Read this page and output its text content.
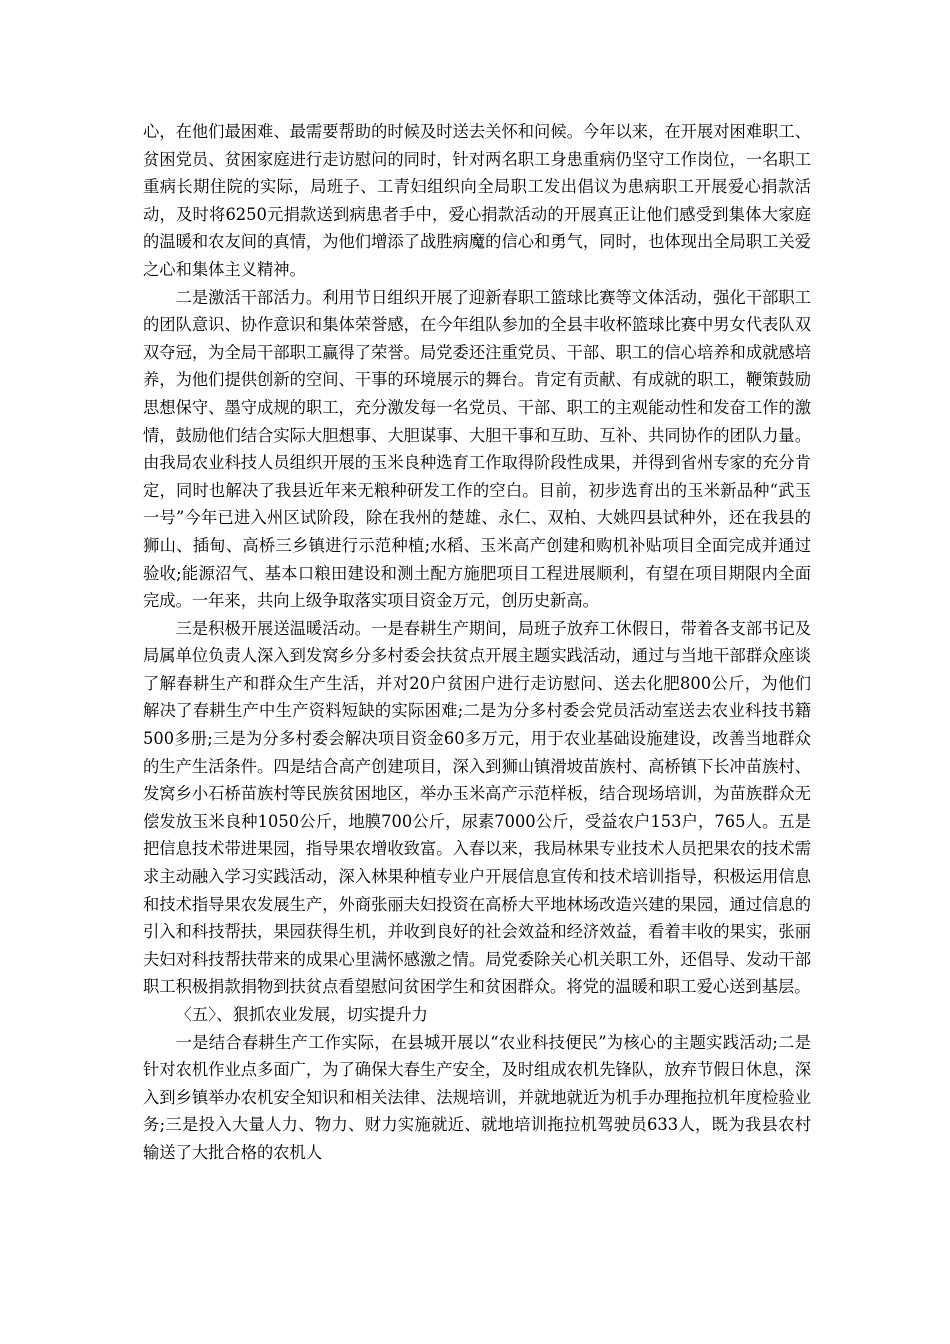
心，在他们最困难、最需要帮助的时候及时送去关怀和问候。今年以来，在开展对困难职工、贫困党员、贫困家庭进行走访慰问的同时，针对两名职工身患重病仍坚守工作岗位，一名职工重病长期住院的实际，局班子、工青妇组织向全局职工发出倡议为患病职工开展爱心捐款活动，及时将6250元捐款送到病患者手中，爱心捐款活动的开展真正让他们感受到集体大家庭的温暖和农友间的真情，为他们增添了战胜病魔的信心和勇气，同时，也体现出全局职工关爱之心和集体主义精神。

二是激活干部活力。利用节日组织开展了迎新春职工篮球比赛等文体活动，强化干部职工的团队意识、协作意识和集体荣誉感，在今年组队参加的全县丰收杯篮球比赛中男女代表队双双夺冠，为全局干部职工赢得了荣誉。局党委还注重党员、干部、职工的信心培养和成就感培养，为他们提供创新的空间、干事的环境展示的舞台。肯定有贡献、有成就的职工，鞭策鼓励思想保守、墨守成规的职工，充分激发每一名党员、干部、职工的主观能动性和发奋工作的激情，鼓励他们结合实际大胆想事、大胆谋事、大胆干事和互助、互补、共同协作的团队力量。由我局农业科技人员组织开展的玉米良种选育工作取得阶段性成果，并得到省州专家的充分肯定，同时也解决了我县近年来无粮种研发工作的空白。目前，初步选育出的玉米新品种“武玉一号”今年已进入州区试阶段，除在我州的楚雄、永仁、双柏、大姚四县试种外，还在我县的狮山、插甸、高桥三乡镇进行示范种植;水稻、玉米高产创建和购机补贴项目全面完成并通过验收;能源沼气、基本口粮田建设和测土配方施肥项目工程进展顺利，有望在项目期限内全面完成。一年来，共向上级争取落实项目资金万元，创历史新高。

三是积极开展送温暖活动。一是春耕生产期间，局班子放弃工休假日，带着各支部书记及局属单位负责人深入到发窝乡分多村委会扶贫点开展主题实践活动，通过与当地干部群众座谈了解春耕生产和群众生产生活，并对20户贫困户进行走访慰问、送去化肥800公斤，为他们解决了春耕生产中生产资料短缺的实际困难;二是为分多村委会党员活动室送去农业科技书籍500多册;三是为分多村委会解决项目资金60多万元，用于农业基础设施建设，改善当地群众的生产生活条件。四是结合高产创建项目，深入到狮山镇滑坡苗族村、高桥镇下长冲苗族村、发窝乡小石桥苗族村等民族贫困地区，举办玉米高产示范样板，结合现场培训，为苗族群众无偿发放玉米良种1050公斤，地膜700公斤，尿素7000公斤，受益农户153户，765人。五是把信息技术带进果园，指导果农增收致富。入春以来，我局林果专业技术人员把果农的技术需求主动融入学习实践活动，深入林果种植专业户开展信息宣传和技术培训指导，积极运用信息和技术指导果农发展生产，外商张丽夫妇投资在高桥大平地林场改造兴建的果园，通过信息的引入和科技帮扶，果园获得生机，并收到良好的社会效益和经济效益，看着丰收的果实，张丽夫妇对科技帮扶带来的成果心里满怀感激之情。局党委除关心机关职工外，还倡导、发动干部职工积极捐款捐物到扶贫点看望慰问贫困学生和贫困群众。将党的温暖和职工爱心送到基层。

〈五〉、狠抓农业发展，切实提升力

一是结合春耕生产工作实际，在县城开展以“农业科技便民”为核心的主题实践活动;二是针对农机作业点多面广，为了确保大春生产安全，及时组成农机先锋队，放弃节假日休息，深入到乡镇举办农机安全知识和相关法律、法规培训，并就地就近为机手办理拖拉机年度检验业务;三是投入大量人力、物力、财力实施就近、就地培训拖拉机驾驶员633人，既为我县农村输送了大批合格的农机人
